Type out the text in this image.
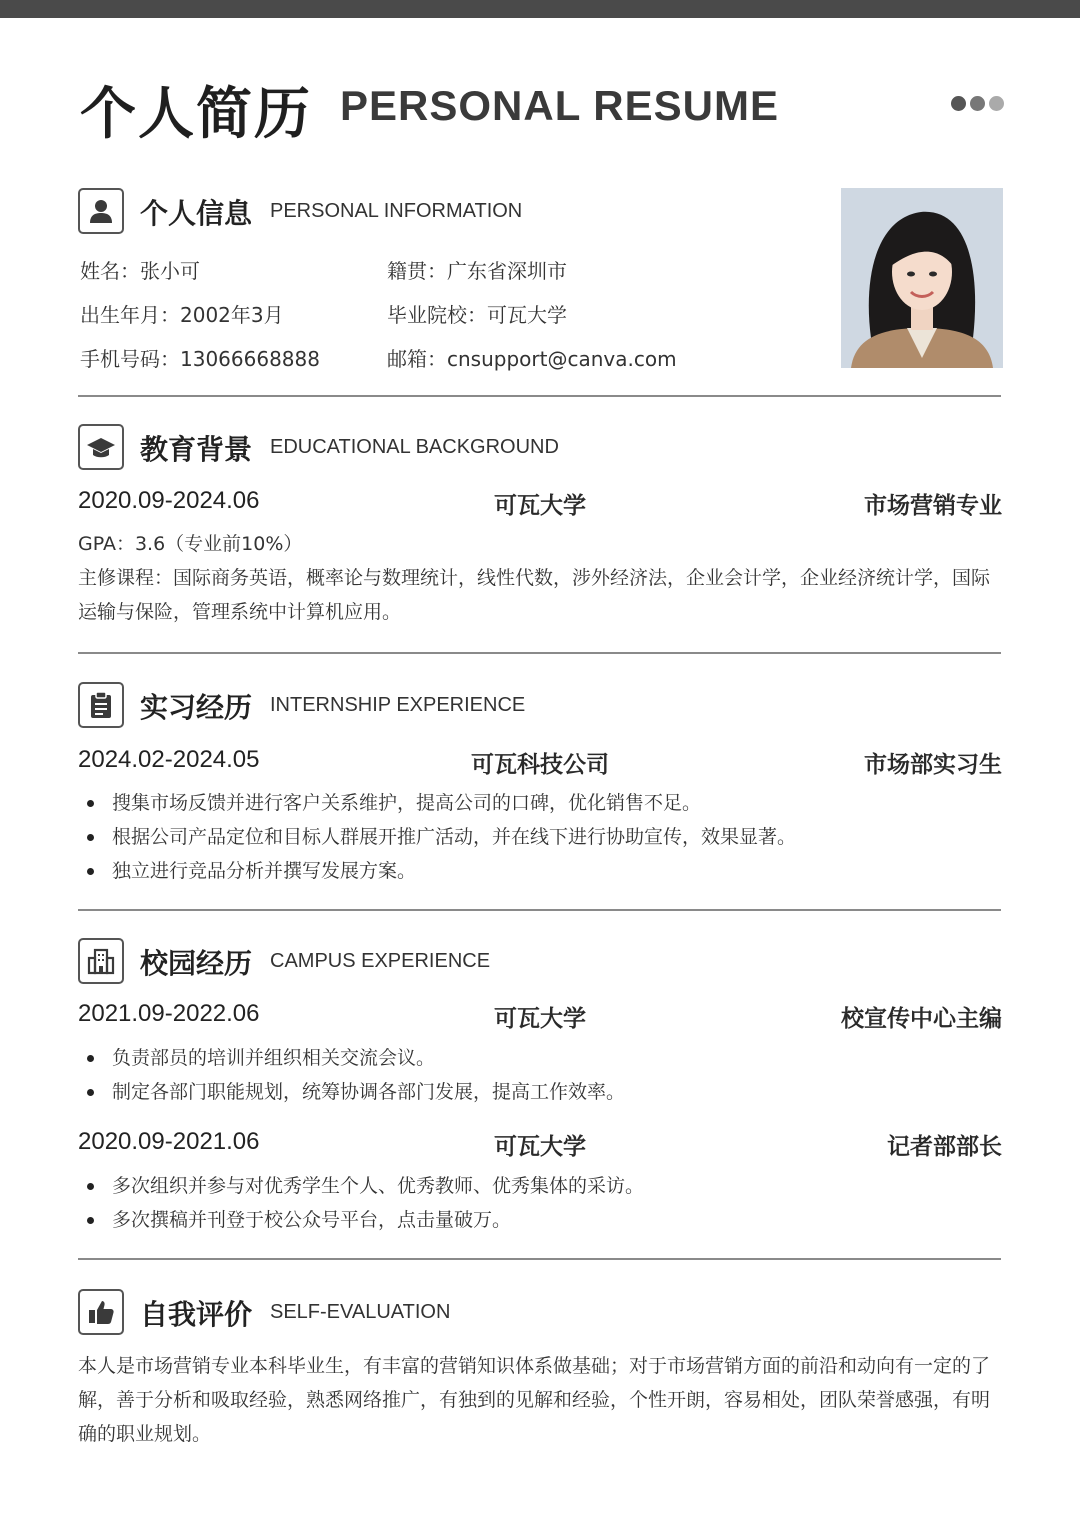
个人简历 PERSONAL RESUME
个人信息 PERSONAL INFORMATION
姓名：张小可	籍贯：广东省深圳市
出生年月：2002年3月	毕业院校：可瓦大学
手机号码：13066668888	邮箱：cnsupport@canva.com
教育背景 EDUCATIONAL BACKGROUND
2020.09-2024.06	可瓦大学	市场营销专业
GPA：3.6（专业前10%）
主修课程：国际商务英语，概率论与数理统计，线性代数，涉外经济法，企业会计学，企业经济统计学，国际运输与保险，管理系统中计算机应用。
实习经历 INTERNSHIP EXPERIENCE
2024.02-2024.05	可瓦科技公司	市场部实习生
搜集市场反馈并进行客户关系维护，提高公司的口碑，优化销售不足。
根据公司产品定位和目标人群展开推广活动，并在线下进行协助宣传，效果显著。
独立进行竞品分析并撰写发展方案。
校园经历 CAMPUS EXPERIENCE
2021.09-2022.06	可瓦大学	校宣传中心主编
负责部员的培训并组织相关交流会议。
制定各部门职能规划，统筹协调各部门发展，提高工作效率。
2020.09-2021.06	可瓦大学	记者部部长
多次组织并参与对优秀学生个人、优秀教师、优秀集体的采访。
多次撰稿并刊登于校公众号平台，点击量破万。
自我评价 SELF-EVALUATION
本人是市场营销专业本科毕业生，有丰富的营销知识体系做基础；对于市场营销方面的前沿和动向有一定的了解，善于分析和吸取经验，熟悉网络推广，有独到的见解和经验，个性开朗，容易相处，团队荣誉感强，有明确的职业规划。
